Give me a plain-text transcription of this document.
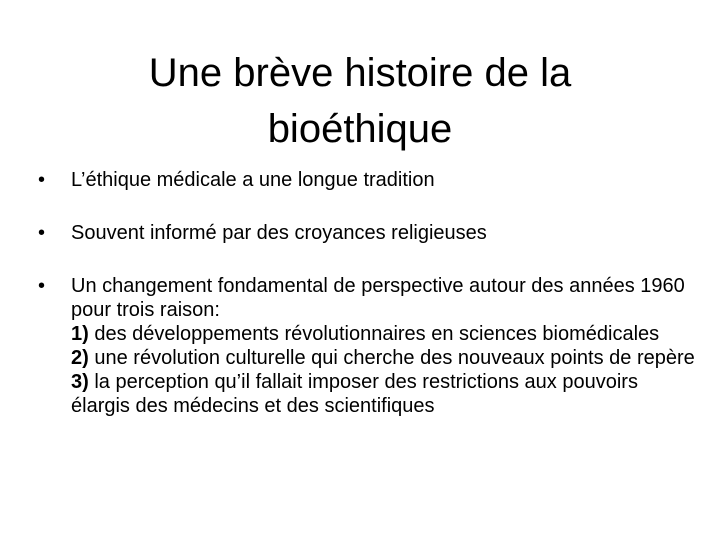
Une brève histoire de la
bioéthique
•	L’éthique médicale a une longue tradition
•	Souvent informé par des croyances religieuses
•	Un changement fondamental de perspective autour des années 1960 pour trois raison:
1) des développements révolutionnaires en sciences biomédicales
2) une révolution culturelle qui cherche des nouveaux points de repère
3) la perception qu’il fallait imposer des restrictions aux pouvoirs élargis des médecins et des scientifiques
